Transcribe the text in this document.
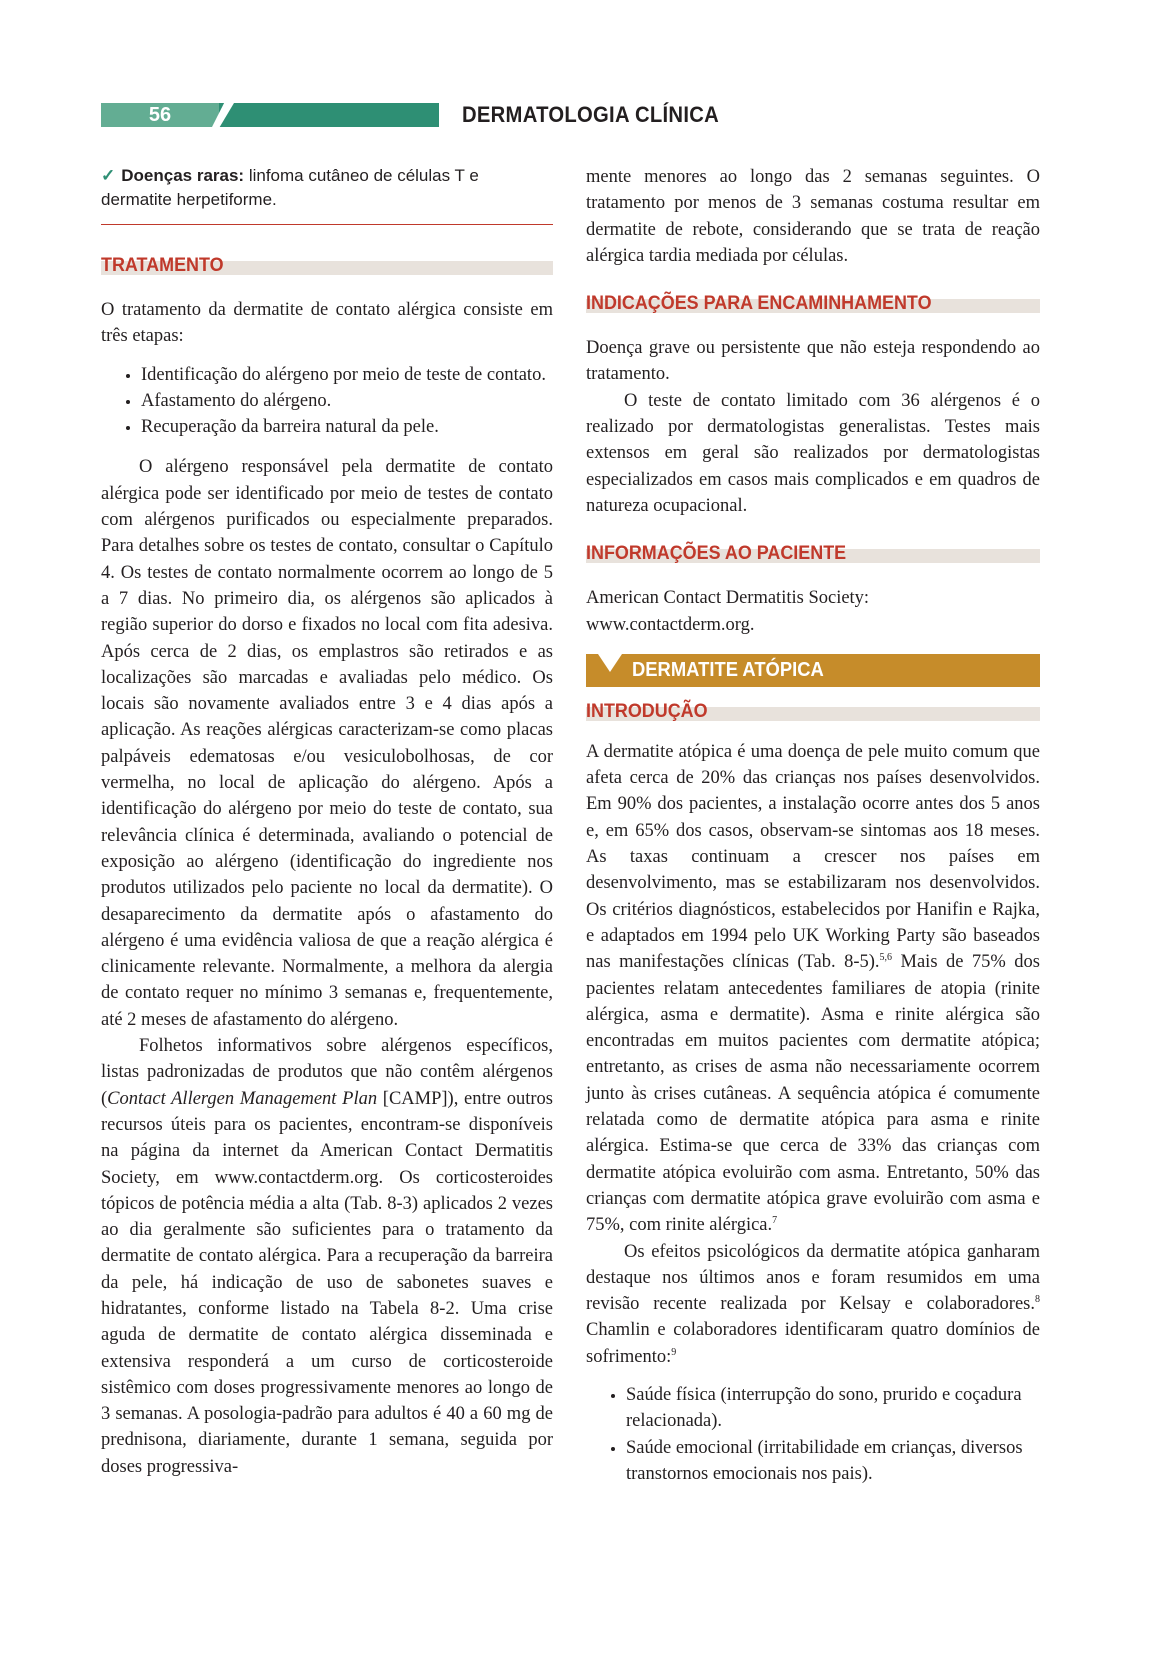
56	DERMATOLOGIA CLÍNICA
✓ Doenças raras: linfoma cutâneo de células T e dermatite herpetiforme.
TRATAMENTO

O tratamento da dermatite de contato alérgica consiste em três etapas:

• Identificação do alérgeno por meio de teste de contato.
• Afastamento do alérgeno.
• Recuperação da barreira natural da pele.

O alérgeno responsável pela dermatite de contato alérgica pode ser identificado por meio de testes de contato com alérgenos purificados ou especialmente preparados. Para detalhes sobre os testes de contato, consultar o Capítulo 4. Os testes de contato normalmente ocorrem ao longo de 5 a 7 dias. No primeiro dia, os alérgenos são aplicados à região superior do dorso e fixados no local com fita adesiva. Após cerca de 2 dias, os emplastros são retirados e as localizações são marcadas e avaliadas pelo médico. Os locais são novamente avaliados entre 3 e 4 dias após a aplicação. As reações alérgicas caracterizam-se como placas palpáveis edematosas e/ou vesiculobolhosas, de cor vermelha, no local de aplicação do alérgeno. Após a identificação do alérgeno por meio do teste de contato, sua relevância clínica é determinada, avaliando o potencial de exposição ao alérgeno (identificação do ingrediente nos produtos utilizados pelo paciente no local da dermatite). O desaparecimento da dermatite após o afastamento do alérgeno é uma evidência valiosa de que a reação alérgica é clinicamente relevante. Normalmente, a melhora da alergia de contato requer no mínimo 3 semanas e, frequentemente, até 2 meses de afastamento do alérgeno.

Folhetos informativos sobre alérgenos específicos, listas padronizadas de produtos que não contêm alérgenos (Contact Allergen Management Plan [CAMP]), entre outros recursos úteis para os pacientes, encontram-se disponíveis na página da internet da American Contact Dermatitis Society, em www.contactderm.org. Os corticosteroides tópicos de potência média a alta (Tab. 8-3) aplicados 2 vezes ao dia geralmente são suficientes para o tratamento da dermatite de contato alérgica. Para a recuperação da barreira da pele, há indicação de uso de sabonetes suaves e hidratantes, conforme listado na Tabela 8-2. Uma crise aguda de dermatite de contato alérgica disseminada e extensiva responderá a um curso de corticosteroide sistêmico com doses progressivamente menores ao longo de 3 semanas. A posologia-padrão para adultos é 40 a 60 mg de prednisona, diariamente, durante 1 semana, seguida por doses progressiva-

mente menores ao longo das 2 semanas seguintes. O tratamento por menos de 3 semanas costuma resultar em dermatite de rebote, considerando que se trata de reação alérgica tardia mediada por células.

INDICAÇÕES PARA ENCAMINHAMENTO

Doença grave ou persistente que não esteja respondendo ao tratamento.

O teste de contato limitado com 36 alérgenos é o realizado por dermatologistas generalistas. Testes mais extensos em geral são realizados por dermatologistas especializados em casos mais complicados e em quadros de natureza ocupacional.

INFORMAÇÕES AO PACIENTE

American Contact Dermatitis Society: www.contactderm.org.

DERMATITE ATÓPICA
INTRODUÇÃO

A dermatite atópica é uma doença de pele muito comum que afeta cerca de 20% das crianças nos países desenvolvidos. Em 90% dos pacientes, a instalação ocorre antes dos 5 anos e, em 65% dos casos, observam-se sintomas aos 18 meses. As taxas continuam a crescer nos países em desenvolvimento, mas se estabilizaram nos desenvolvidos. Os critérios diagnósticos, estabelecidos por Hanifin e Rajka, e adaptados em 1994 pelo UK Working Party são baseados nas manifestações clínicas (Tab. 8-5).$^{5,6}$ Mais de 75% dos pacientes relatam antecedentes familiares de atopia (rinite alérgica, asma e dermatite). Asma e rinite alérgica são encontradas em muitos pacientes com dermatite atópica; entretanto, as crises de asma não necessariamente ocorrem junto às crises cutâneas. A sequência atópica é comumente relatada como de dermatite atópica para asma e rinite alérgica. Estima-se que cerca de 33% das crianças com dermatite atópica evoluirão com asma. Entretanto, 50% das crianças com dermatite atópica grave evoluirão com asma e 75%, com rinite alérgica.$^7$

Os efeitos psicológicos da dermatite atópica ganharam destaque nos últimos anos e foram resumidos em uma revisão recente realizada por Kelsay e colaboradores.$^8$ Chamlin e colaboradores identificaram quatro domínios de sofrimento:$^9$

• Saúde física (interrupção do sono, prurido e coçadura relacionada).
• Saúde emocional (irritabilidade em crianças, diversos transtornos emocionais nos pais).
